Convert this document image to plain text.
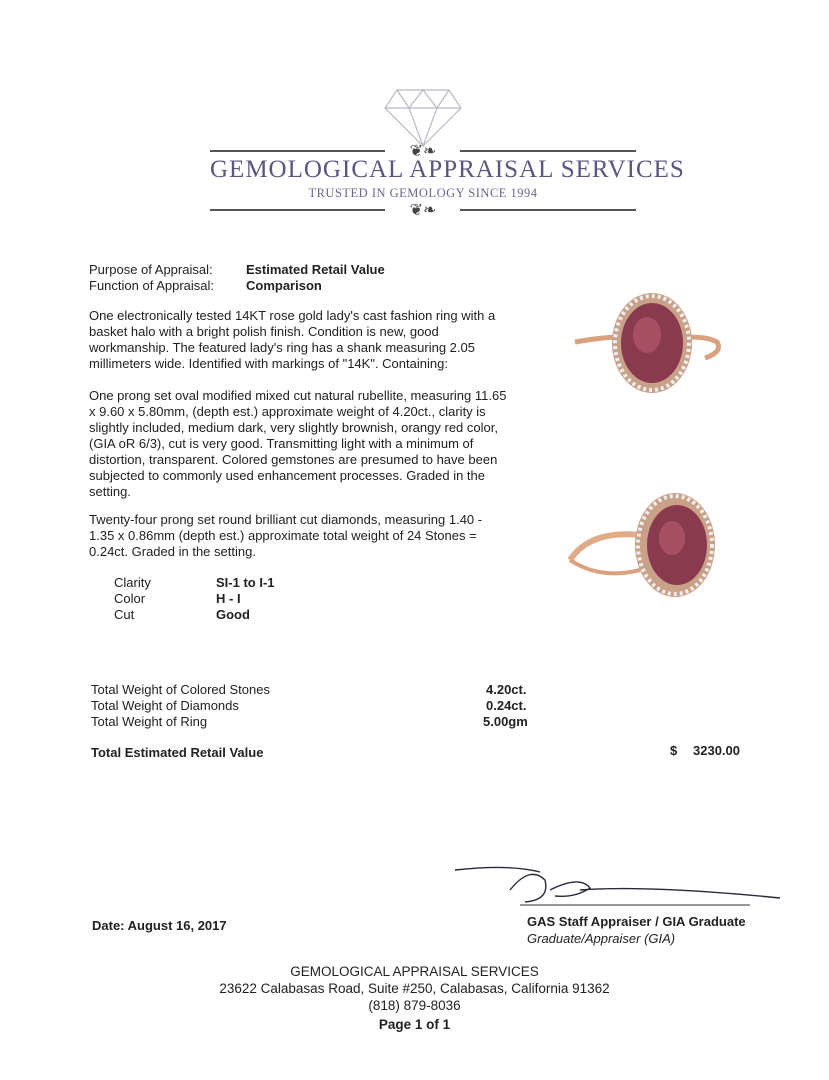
❦❧
GEMOLOGICAL APPRAISAL SERVICES
TRUSTED IN GEMOLOGY SINCE 1994
❦❧
Purpose of Appraisal:	Estimated Retail Value
Function of Appraisal:	Comparison
One electronically tested 14KT rose gold lady's cast fashion ring with a basket halo with a bright polish finish. Condition is new, good workmanship. The featured lady's ring has a shank measuring 2.05 millimeters wide. Identified with markings of "14K". Containing:
One prong set oval modified mixed cut natural rubellite, measuring 11.65 x 9.60 x 5.80mm, (depth est.) approximate weight of 4.20ct., clarity is slightly included, medium dark, very slightly brownish, orangy red color, (GIA oR 6/3), cut is very good. Transmitting light with a minimum of distortion, transparent. Colored gemstones are presumed to have been subjected to commonly used enhancement processes. Graded in the setting.
Twenty-four prong set round brilliant cut diamonds, measuring 1.40 - 1.35 x 0.86mm (depth est.) approximate total weight of 24 Stones = 0.24ct. Graded in the setting.
Clarity	SI-1 to I-1
Color	H - I
Cut	Good
Total Weight of Colored Stones	4.20ct.
Total Weight of Diamonds	0.24ct.
Total Weight of Ring	5.00gm
Total Estimated Retail Value	$ 3230.00
Date: August 16, 2017	GAS Staff Appraiser / GIA Graduate
Graduate/Appraiser (GIA)
GEMOLOGICAL APPRAISAL SERVICES
23622 Calabasas Road, Suite #250, Calabasas, California 91362
(818) 879-8036
Page 1 of 1
